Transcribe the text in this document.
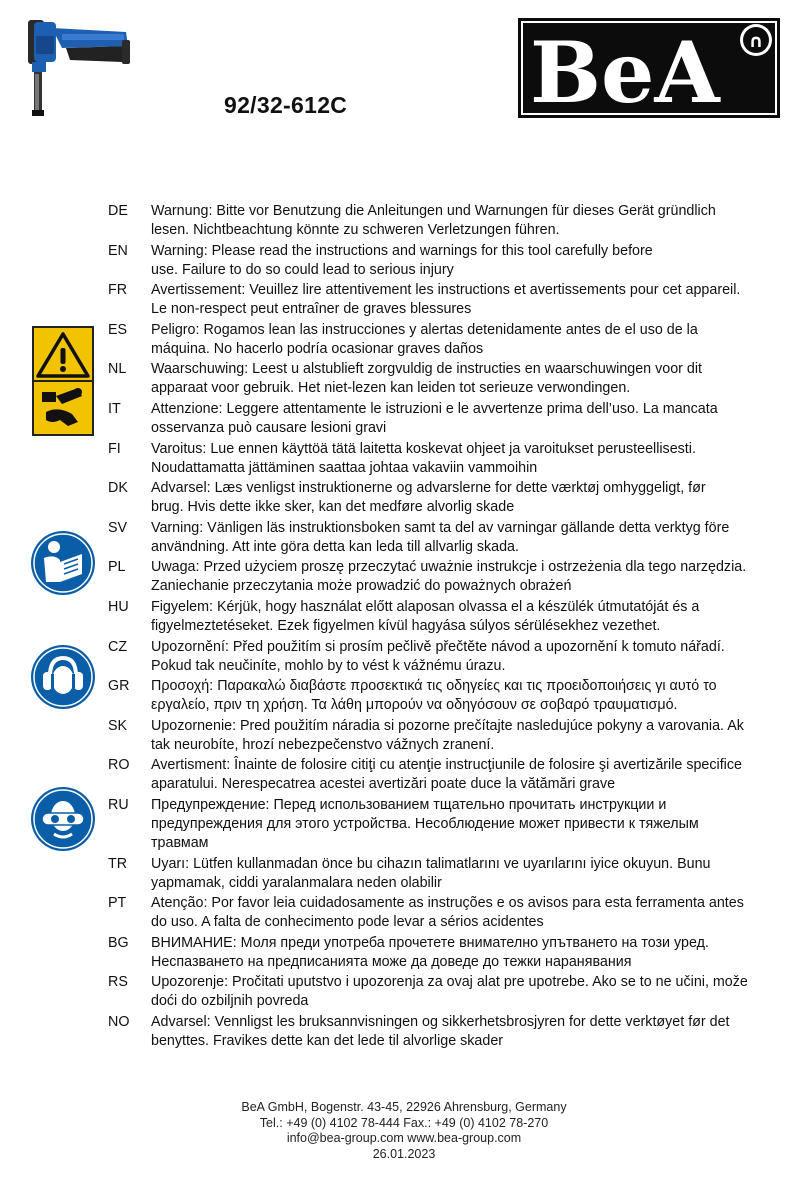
92/32-612C BeA ∩
DE	Warnung: Bitte vor Benutzung die Anleitungen und Warnungen für dieses Gerät gründlich
lesen. Nichtbeachtung könnte zu schweren Verletzungen führen.
EN	Warning: Please read the instructions and warnings for this tool carefully before
use. Failure to do so could lead to serious injury
FR	Avertissement: Veuillez lire attentivement les instructions et avertissements pour cet appareil.
Le non-respect peut entraîner de graves blessures
ES	Peligro: Rogamos lean las instrucciones y alertas detenidamente antes de el uso de la
máquina. No hacerlo podría ocasionar graves daños
NL	Waarschuwing: Leest u alstublieft zorgvuldig de instructies en waarschuwingen voor dit
apparaat voor gebruik. Het niet-lezen kan leiden tot serieuze verwondingen.
IT	Attenzione: Leggere attentamente le istruzioni e le avvertenze prima dell’uso. La mancata
osservanza può causare lesioni gravi
FI	Varoitus: Lue ennen käyttöä tätä laitetta koskevat ohjeet ja varoitukset perusteellisesti.
Noudattamatta jättäminen saattaa johtaa vakaviin vammoihin
DK	Advarsel: Læs venligst instruktionerne og advarslerne for dette værktøj omhyggeligt, før
brug. Hvis dette ikke sker, kan det medføre alvorlig skade
SV	Varning: Vänligen läs instruktionsboken samt ta del av varningar gällande detta verktyg före
användning. Att inte göra detta kan leda till allvarlig skada.
PL	Uwaga: Przed użyciem proszę przeczytać uważnie instrukcje i ostrzeżenia dla tego narzędzia.
Zaniechanie przeczytania może prowadzić do poważnych obrażeń
HU	Figyelem: Kérjük, hogy használat előtt alaposan olvassa el a készülék útmutatóját és a
figyelmeztetéseket. Ezek figyelmen kívül hagyása súlyos sérülésekhez vezethet.
CZ	Upozornění: Před použitím si prosím pečlivě přečtěte návod a upozornění k tomuto nářadí.
Pokud tak neučiníte, mohlo by to vést k vážnému úrazu.
GR	Προσοχή: Παρακαλώ διαβάστε προσεκτικά τις οδηγείες και τις προειδοποιήσεις γι αυτό το
εργαλείο, πριν τη χρήση. Τα λάθη μπορούν να οδηγόσουν σε σοβαρό τραυματισμό.
SK	Upozornenie: Pred použitím náradia si pozorne prečítajte nasledujúce pokyny a varovania. Ak
tak neurobíte, hrozí nebezpečenstvo vážnych zranení.
RO	Avertisment: Înainte de folosire citiţi cu atenţie instrucţiunile de folosire şi avertizările specifice
aparatului. Nerespecatrea acestei avertizări poate duce la vătămări grave
RU	Предупреждение: Перед использованием тщательно прочитать инструкции и
предупреждения для этого устройства. Несоблюдение может привести к тяжелым
травмам
TR	Uyarı: Lütfen kullanmadan önce bu cihazın talimatlarını ve uyarılarını iyice okuyun. Bunu
yapmamak, ciddi yaralanmalara neden olabilir
PT	Atenção: Por favor leia cuidadosamente as instruções e os avisos para esta ferramenta antes
do uso. A falta de conhecimento pode levar a sérios acidentes
BG	ВНИМАНИЕ: Моля преди употреба прочетете внимателно упътването на този уред.
Неспазването на предписанията може да доведе до тежки наранявания
RS	Upozorenje: Pročitati uputstvo i upozorenja za ovaj alat pre upotrebe. Ako se to ne učini, može
doći do ozbiljnih povreda
NO	Advarsel: Vennligst les bruksannvisningen og sikkerhetsbrosjyren for dette verktøyet før det
benyttes. Fravikes dette kan det lede til alvorlige skader
BeA GmbH, Bogenstr. 43-45, 22926 Ahrensburg, Germany
Tel.: +49 (0) 4102 78-444 Fax.: +49 (0) 4102 78-270
info@bea-group.com www.bea-group.com
26.01.2023
